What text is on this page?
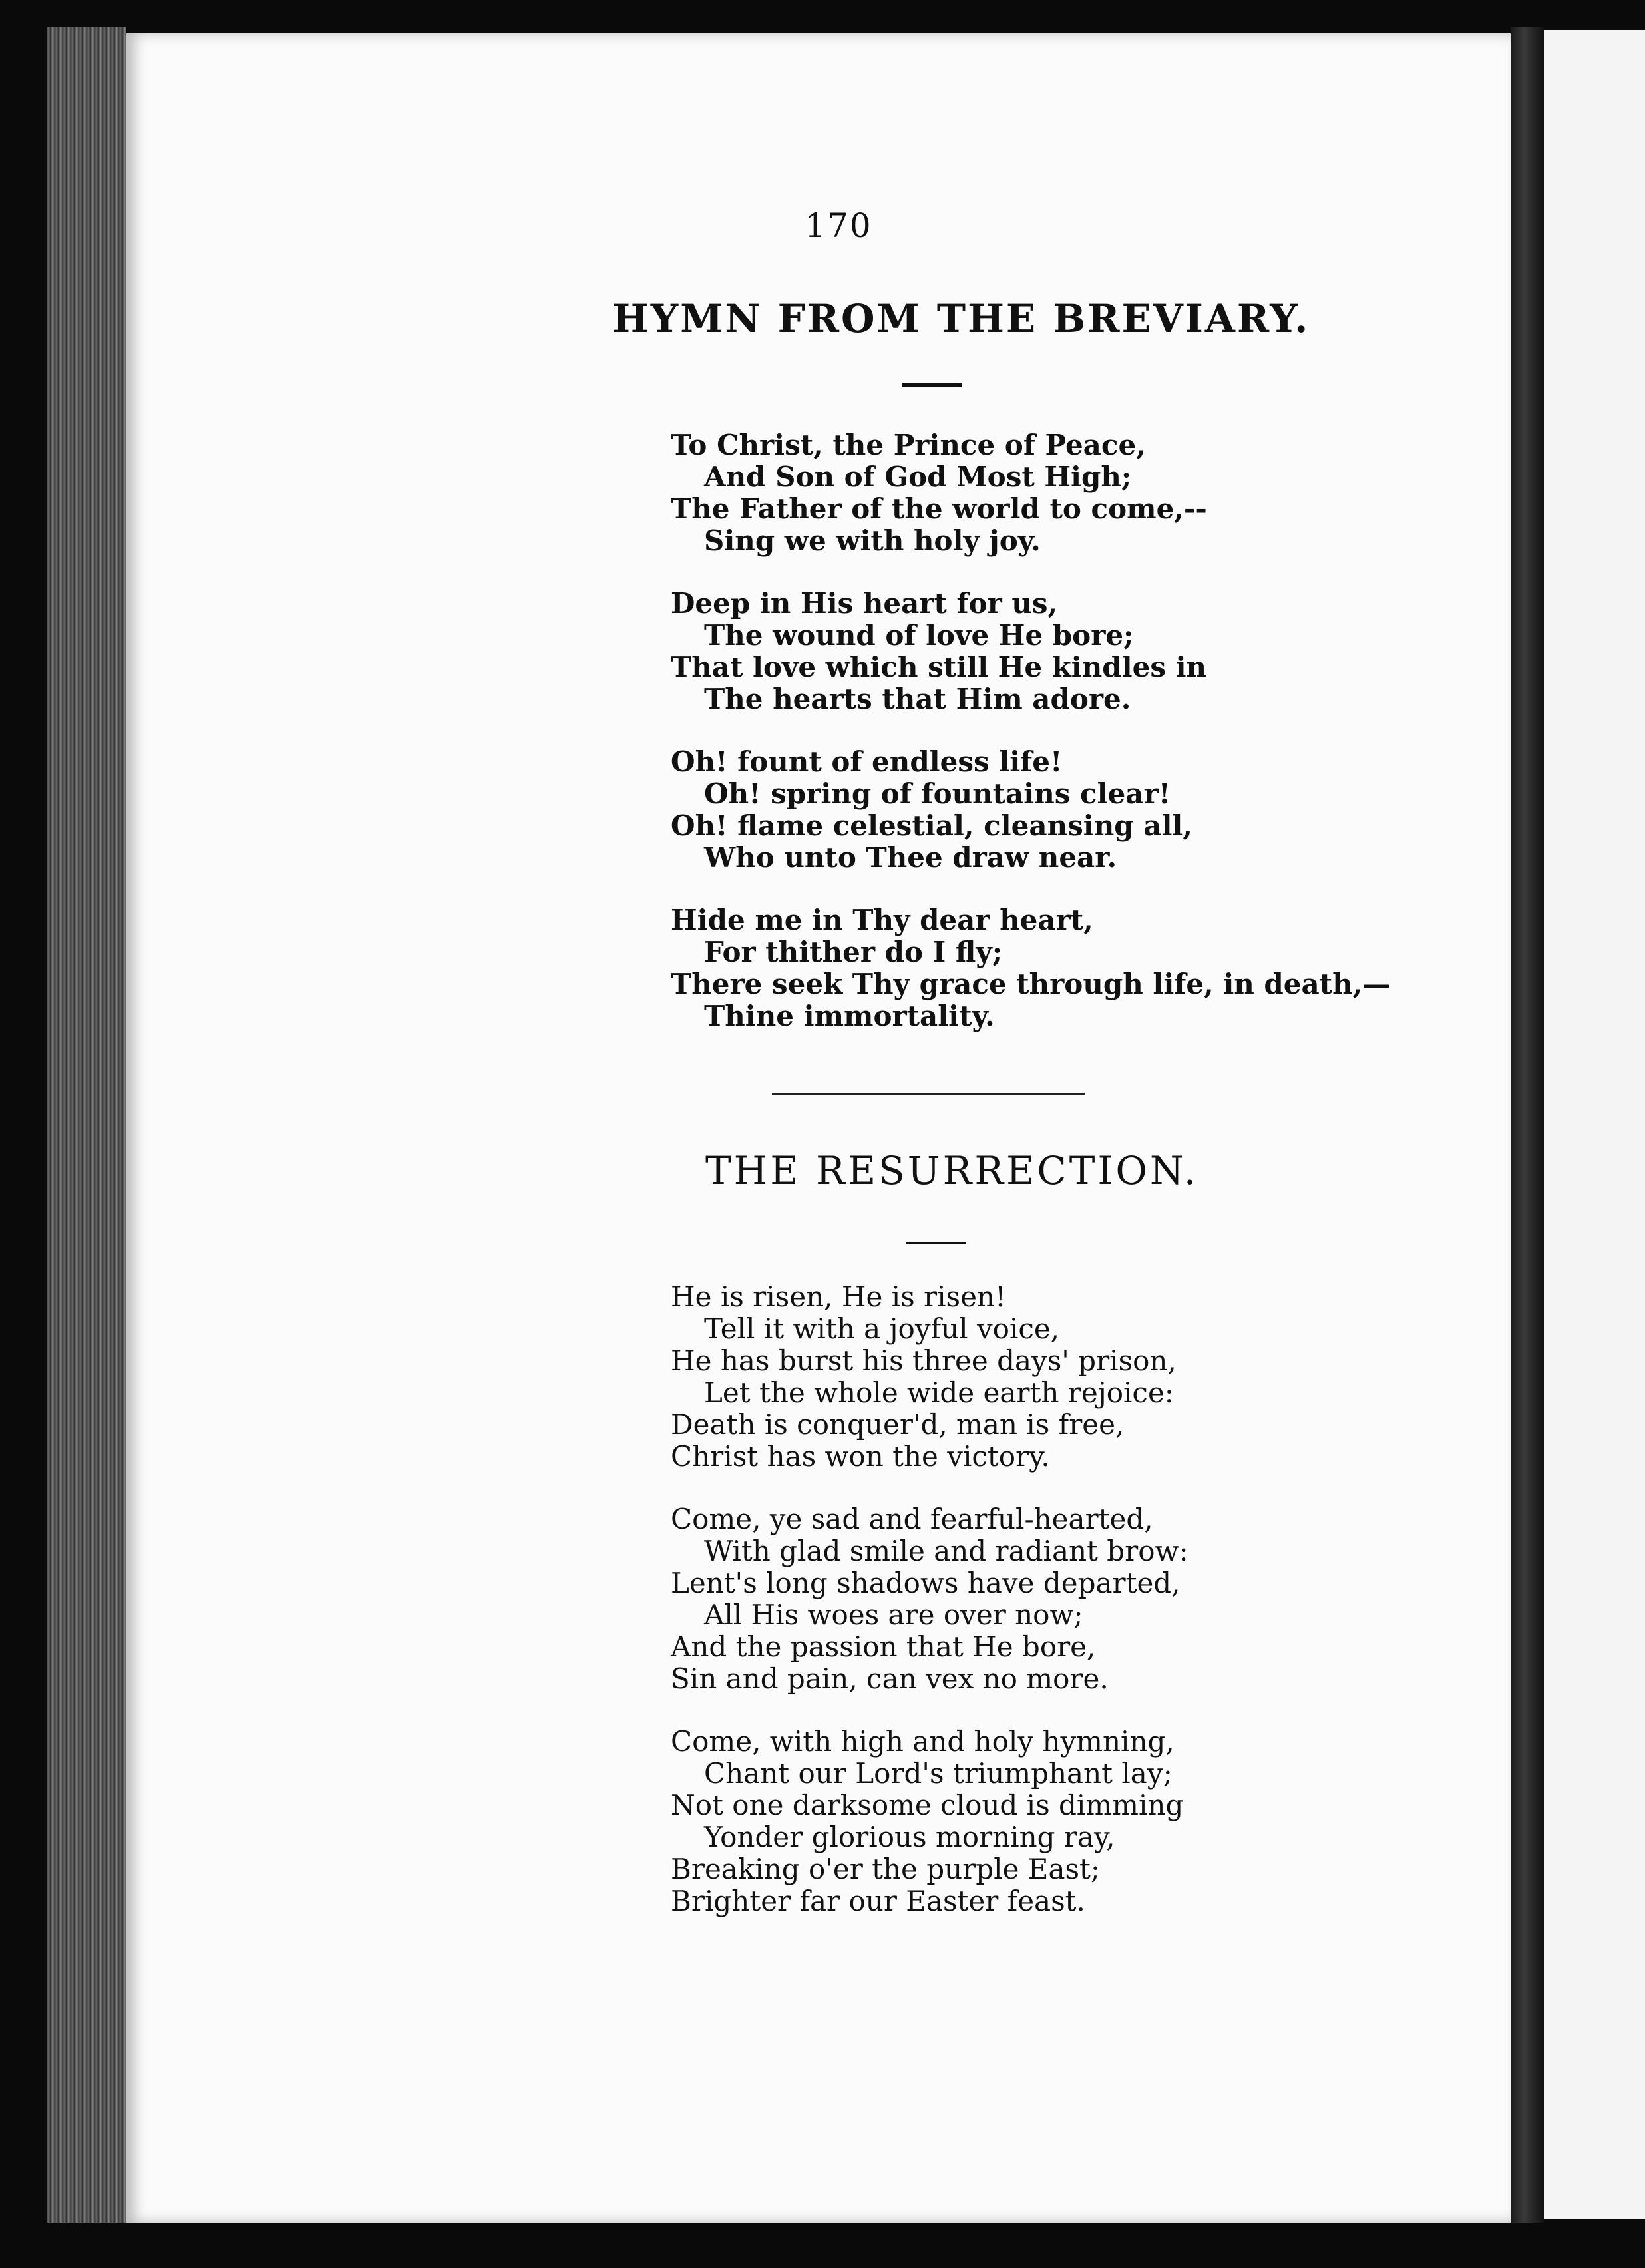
170
HYMN FROM THE BREVIARY.
To Christ, the Prince of Peace,
And Son of God Most High;
The Father of the world to come,--
Sing we with holy joy.
Deep in His heart for us,
The wound of love He bore;
That love which still He kindles in
The hearts that Him adore.
Oh! fount of endless life!
Oh! spring of fountains clear!
Oh! flame celestial, cleansing all,
Who unto Thee draw near.
Hide me in Thy dear heart,
For thither do I fly;
There seek Thy grace through life, in death,—
Thine immortality.
THE RESURRECTION.
He is risen, He is risen!
Tell it with a joyful voice,
He has burst his three days' prison,
Let the whole wide earth rejoice:
Death is conquer'd, man is free,
Christ has won the victory.
Come, ye sad and fearful-hearted,
With glad smile and radiant brow:
Lent's long shadows have departed,
All His woes are over now;
And the passion that He bore,
Sin and pain, can vex no more.
Come, with high and holy hymning,
Chant our Lord's triumphant lay;
Not one darksome cloud is dimming
Yonder glorious morning ray,
Breaking o'er the purple East;
Brighter far our Easter feast.
